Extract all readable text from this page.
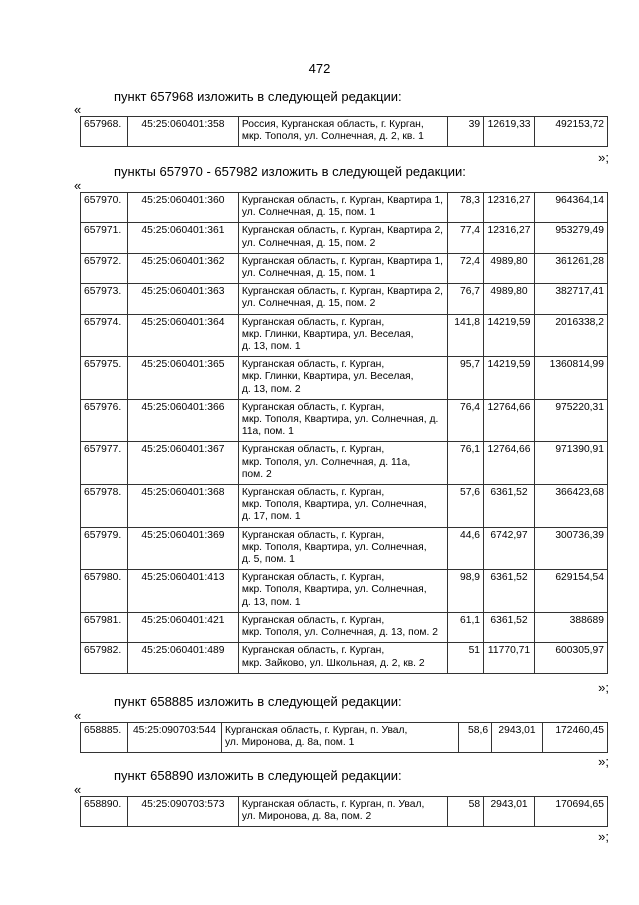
472
пункт 657968 изложить в следующей редакции:
«
657968.	45:25:060401:358	Россия, Курганская область, г. Курган,
мкр. Тополя, ул. Солнечная, д. 2, кв. 1
	39	12619,33	492153,72
»;
пункты 657970 - 657982 изложить в следующей редакции:
«
657970.	45:25:060401:360	Курганская область, г. Курган, Квартира 1,
ул. Солнечная, д. 15, пом. 1	78,3	12316,27	964364,14
657971.	45:25:060401:361	Курганская область, г. Курган, Квартира 2,
ул. Солнечная, д. 15, пом. 2	77,4	12316,27	953279,49
657972.	45:25:060401:362	Курганская область, г. Курган, Квартира 1,
ул. Солнечная, д. 15, пом. 1	72,4	4989,80	361261,28
657973.	45:25:060401:363	Курганская область, г. Курган, Квартира 2,
ул. Солнечная, д. 15, пом. 2	76,7	4989,80	382717,41
657974.	45:25:060401:364	Курганская область, г. Курган,
мкр. Глинки, Квартира, ул. Веселая,
д. 13, пом. 1	141,8	14219,59	2016338,2
657975.	45:25:060401:365	Курганская область, г. Курган,
мкр. Глинки, Квартира, ул. Веселая,
д. 13, пом. 2	95,7	14219,59	1360814,99
657976.	45:25:060401:366	Курганская область, г. Курган,
мкр. Тополя, Квартира, ул. Солнечная, д.
11а, пом. 1	76,4	12764,66	975220,31
657977.	45:25:060401:367	Курганская область, г. Курган,
мкр. Тополя, ул. Солнечная, д. 11а,
пом. 2	76,1	12764,66	971390,91
657978.	45:25:060401:368	Курганская область, г. Курган,
мкр. Тополя, Квартира, ул. Солнечная,
д. 17, пом. 1	57,6	6361,52	366423,68
657979.	45:25:060401:369	Курганская область, г. Курган,
мкр. Тополя, Квартира, ул. Солнечная,
д. 5, пом. 1	44,6	6742,97	300736,39
657980.	45:25:060401:413	Курганская область, г. Курган,
мкр. Тополя, Квартира, ул. Солнечная,
д. 13, пом. 1	98,9	6361,52	629154,54
657981.	45:25:060401:421	Курганская область, г. Курган,
мкр. Тополя, ул. Солнечная, д. 13, пом. 2	61,1	6361,52	388689
657982.	45:25:060401:489	Курганская область, г. Курган,
мкр. Зайково, ул. Школьная, д. 2, кв. 2	51	11770,71	600305,97
»;
пункт 658885 изложить в следующей редакции:
«
658885.	45:25:090703:544	Курганская область, г. Курган, п. Увал,
ул. Миронова, д. 8а, пом. 1
	58,6	2943,01	172460,45
»;
пункт 658890 изложить в следующей редакции:
«
658890.	45:25:090703:573	Курганская область, г. Курган, п. Увал,
ул. Миронова, д. 8а, пом. 2
	58	2943,01	170694,65
»;
